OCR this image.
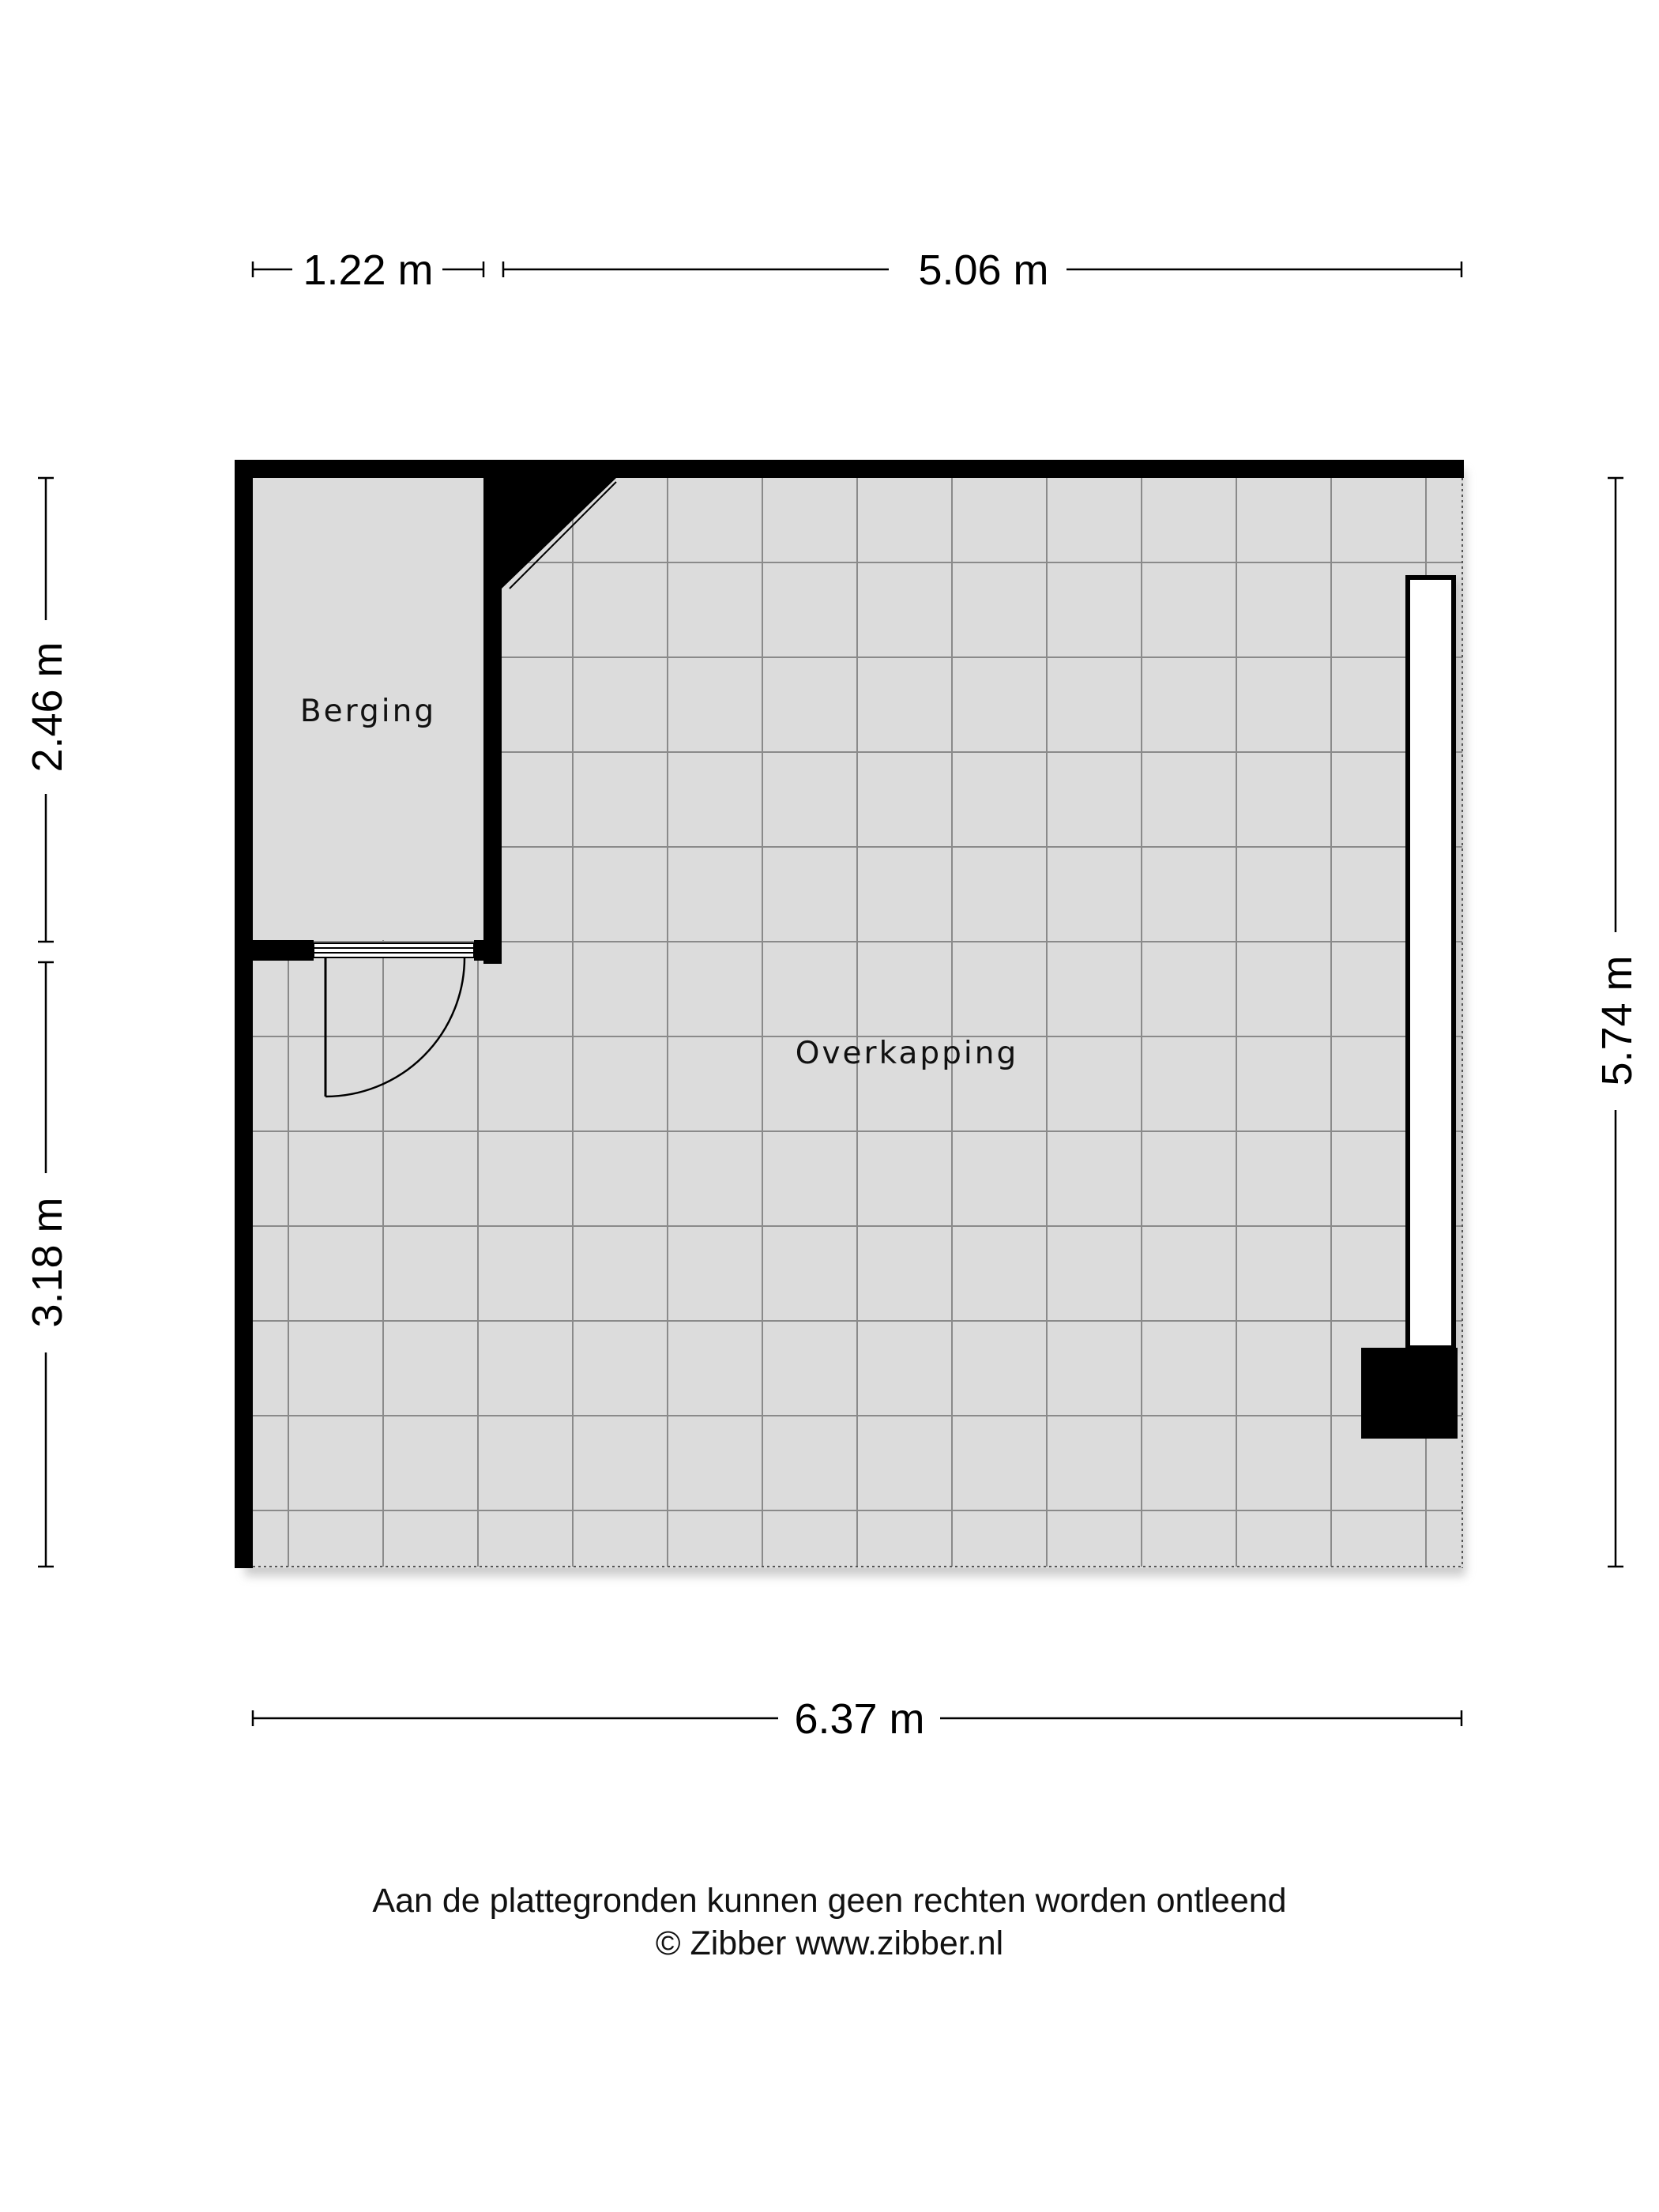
Berging
Overkapping
1.22 m	5.06 m
6.37 m
2.46 m
3.18 m
5.74 m
Aan de plattegronden kunnen geen rechten worden ontleend
© Zibber www.zibber.nl
